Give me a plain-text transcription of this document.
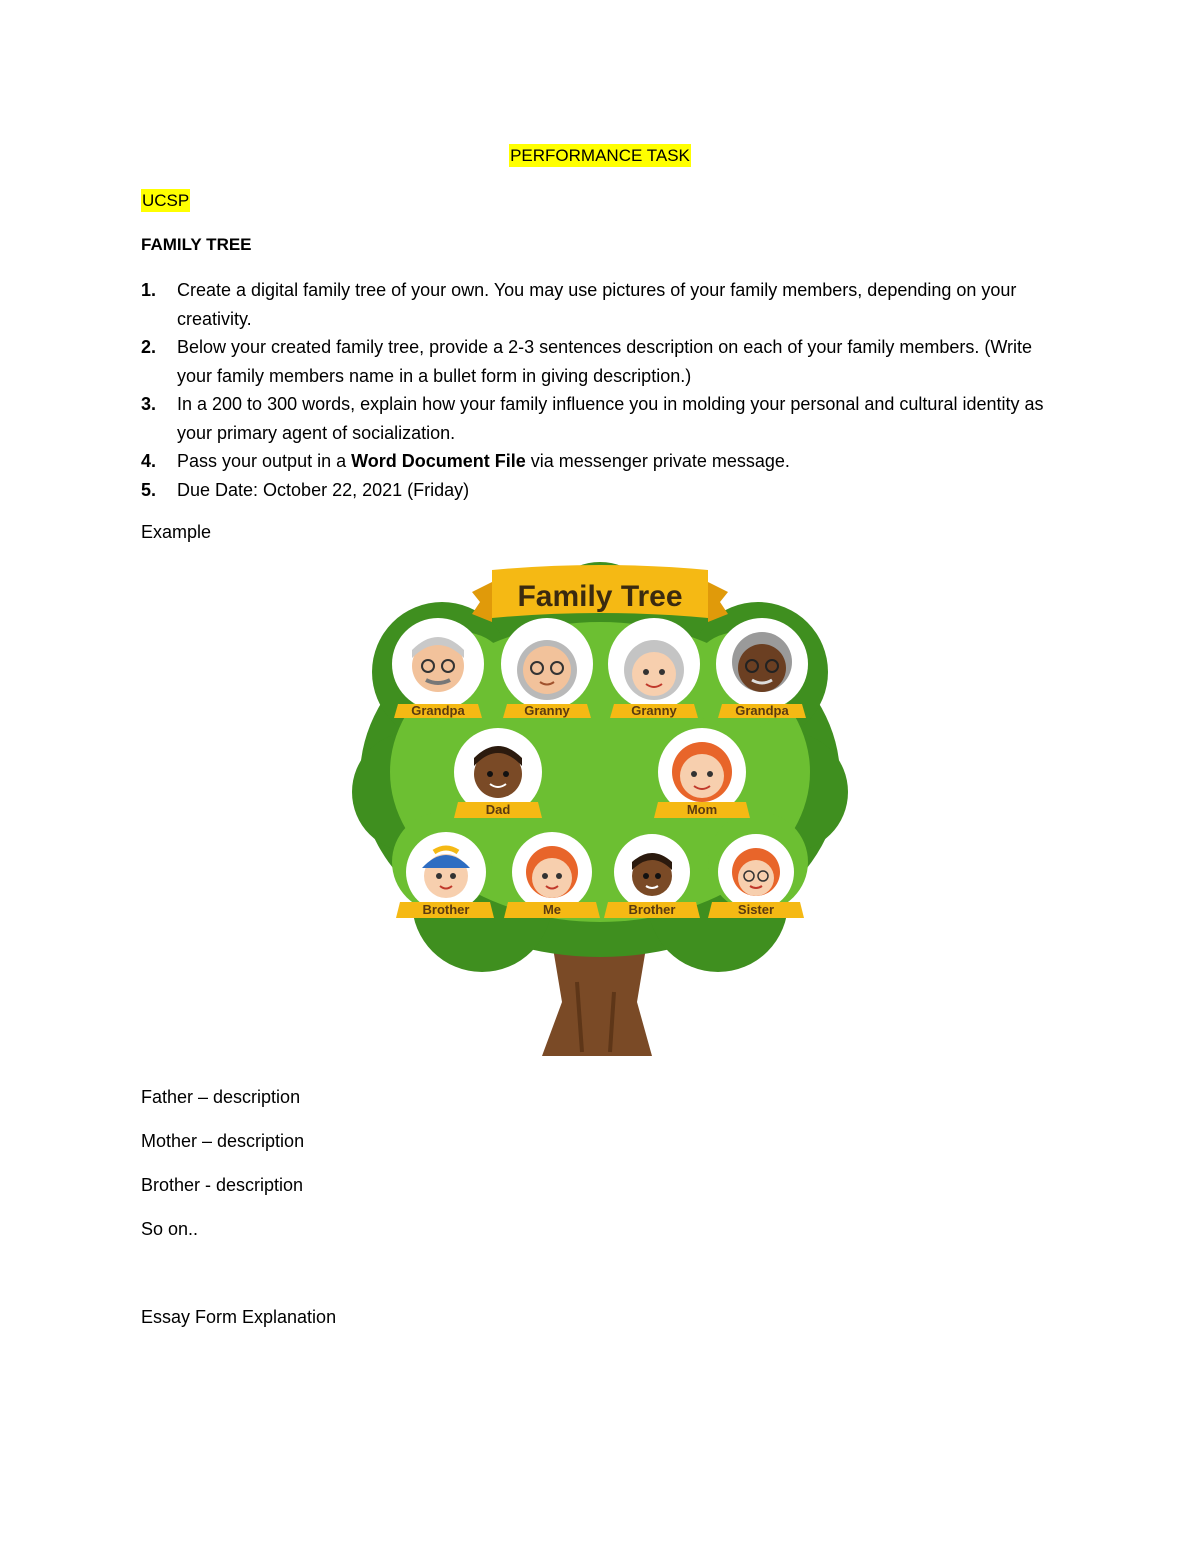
PERFORMANCE TASK
UCSP
FAMILY TREE
1. Create a digital family tree of your own. You may use pictures of your family members, depending on your creativity.
2. Below your created family tree, provide a 2-3 sentences description on each of your family members. (Write your family members name in a bullet form in giving description.)
3. In a 200 to 300 words, explain how your family influence you in molding your personal and cultural identity as your primary agent of socialization.
4. Pass your output in a Word Document File via messenger private message.
5. Due Date: October 22, 2021 (Friday)
Example
Family Tree
Grandpa	Granny	Granny	Grandpa
Dad	Mom
Brother	Me	Brother	Sister
Father – description
Mother – description
Brother - description
So on..
Essay Form Explanation
